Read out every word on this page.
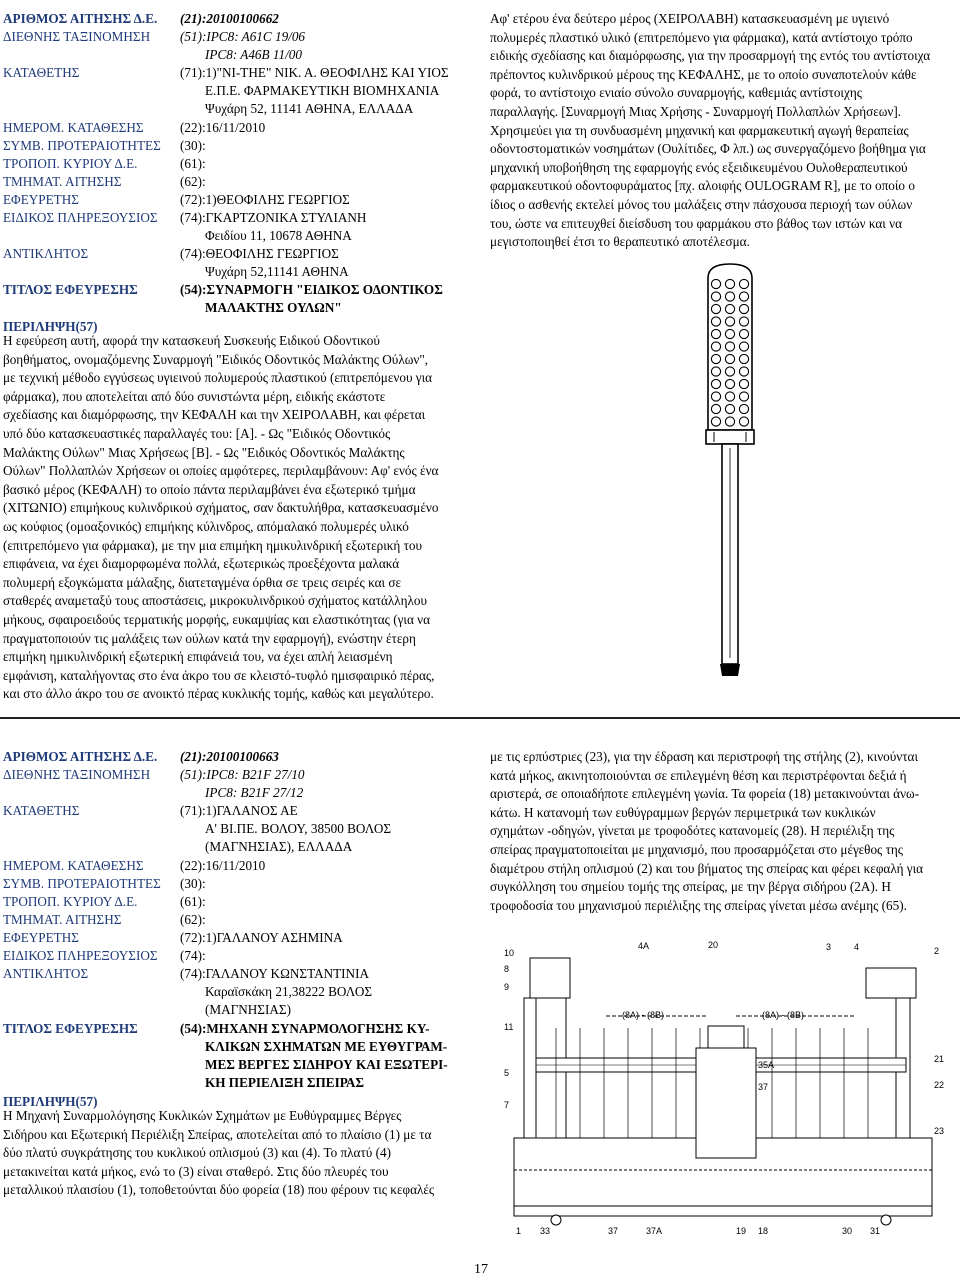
ΑΡΙΘΜΟΣ ΑΙΤΗΣΗΣ Δ.Ε. (21):20100100662
ΔΙΕΘΝΗΣ ΤΑΞΙΝΟΜΗΣΗ (51):IPC8: A61C 19/06
IPC8: A46B 11/00
ΚΑΤΑΘΕΤΗΣ	(71):1)"NI-THE" ΝΙΚ. Α. ΘΕΟΦΙΛΗΣ ΚΑΙ ΥΙΟΣ
Ε.Π.Ε. ΦΑΡΜΑΚΕΥΤΙΚΗ ΒΙΟΜΗΧΑΝΙΑ
Ψυχάρη 52, 11141 ΑΘΗΝΑ, ΕΛΛΑΔΑ
ΗΜΕΡΟΜ. ΚΑΤΑΘΕΣΗΣ	(22):16/11/2010
ΣΥΜΒ. ΠΡΟΤΕΡΑΙΟΤΗΤΕΣ (30):
ΤΡΟΠΟΠ. ΚΥΡΙΟΥ Δ.Ε.	(61):
ΤΜΗΜΑΤ. ΑΙΤΗΣΗΣ	(62):
ΕΦΕΥΡΕΤΗΣ	(72):1)ΘΕΟΦΙΛΗΣ ΓΕΩΡΓΙΟΣ
ΕΙΔΙΚΟΣ ΠΛΗΡΕΞΟΥΣΙΟΣ (74):ΓΚΑΡΤΖΟΝΙΚΑ ΣΤΥΛΙΑΝΗ
Φειδίου 11, 10678 ΑΘΗΝΑ
ΑΝΤΙΚΛΗΤΟΣ	(74):ΘΕΟΦΙΛΗΣ ΓΕΩΡΓΙΟΣ
Ψυχάρη 52,11141 ΑΘΗΝΑ
ΤΙΤΛΟΣ ΕΦΕΥΡΕΣΗΣ	(54):ΣΥΝΑΡΜΟΓΗ "ΕΙΔΙΚΟΣ ΟΔΟΝΤΙΚΟΣ
ΜΑΛΑΚΤΗΣ ΟΥΛΩΝ"
ΠΕΡΙΛΗΨΗ(57)
Η εφεύρεση αυτή, αφορά την κατασκευή Συσκευής Ειδικού Οδοντικού
βοηθήματος, ονομαζόμενης Συναρμογή "Ειδικός Οδοντικός Μαλάκτης Ούλων",
με τεχνική μέθοδο εγγύσεως υγιεινού πολυμερούς πλαστικού (επιτρεπόμενου για
φάρμακα), που αποτελείται από δύο συνιστώντα μέρη, ειδικής εκάστοτε
σχεδίασης και διαμόρφωσης, την ΚΕΦΑΛΗ και την ΧΕΙΡΟΛΑΒΗ, και φέρεται
υπό δύο κατασκευαστικές παραλλαγές του: [Α]. - Ως "Ειδικός Οδοντικός
Μαλάκτης Ούλων" Μιας Χρήσεως [Β]. - Ως "Ειδικός Οδοντικός Μαλάκτης
Ούλων" Πολλαπλών Χρήσεων οι οποίες αμφότερες, περιλαμβάνουν: Αφ' ενός ένα
βασικό μέρος (ΚΕΦΑΛΗ) το οποίο πάντα περιλαμβάνει ένα εξωτερικό τμήμα
(ΧΙΤΩΝΙΟ) επιμήκους κυλινδρικού σχήματος, σαν δακτυλήθρα, κατασκευασμένο
ως κούφιος (ομοαξονικός) επιμήκης κύλινδρος, απόμαλακό πολυμερές υλικό
(επιτρεπόμενο για φάρμακα), με την μια επιμήκη ημικυλινδρική εξωτερική του
επιφάνεια, να έχει διαμορφωμένα πολλά, εξωτερικώς προεξέχοντα μαλακά
πολυμερή εξογκώματα μάλαξης, διατεταγμένα όρθια σε τρεις σειρές και σε
σταθερές αναμεταξύ τους αποστάσεις, μικροκυλινδρικού σχήματος κατάλληλου
μήκους, σφαιροειδούς τερματικής μορφής, ευκαμψίας και ελαστικότητας (για να
πραγματοποιούν τις μαλάξεις των ούλων κατά την εφαρμογή), ενώστην έτερη
επιμήκη ημικυλινδρική εξωτερική επιφάνειά του, να έχει απλή λειασμένη
εμφάνιση, καταλήγοντας στο ένα άκρο του σε κλειστό-τυφλό ημισφαιρικό πέρας,
και στο άλλο άκρο του σε ανοικτό πέρας κυκλικής τομής, καθώς και μεγαλύτερο.
Αφ' ετέρου ένα δεύτερο μέρος (ΧΕΙΡΟΛΑΒΗ) κατασκευασμένη με υγιεινό
πολυμερές πλαστικό υλικό (επιτρεπόμενο για φάρμακα), κατά αντίστοιχο τρόπο
ειδικής σχεδίασης και διαμόρφωσης, για την προσαρμογή της εντός του αντίστοιχα
πρέποντος κυλινδρικού μέρους της ΚΕΦΑΛΗΣ, με το οποίο συναποτελούν κάθε
φορά, το αντίστοιχο ενιαίο σύνολο συναρμογής, καθεμιάς αντίστοιχης
παραλλαγής. [Συναρμογή Μιας Χρήσης - Συναρμογή Πολλαπλών Χρήσεων].
Χρησιμεύει για τη συνδυασμένη μηχανική και φαρμακευτική αγωγή θεραπείας
οδοντοστοματικών νοσημάτων (Ουλίτιδες, Φ λπ.) ως συνεργαζόμενο βοήθημα για
μηχανική υποβοήθηση της εφαρμογής ενός εξειδικευμένου Ουλοθεραπευτικού
φαρμακευτικού οδοντοφυράματος [πχ. αλοιφής OULOGRAM R], με το οποίο ο
ίδιος ο ασθενής εκτελεί μόνος του μαλάξεις στην πάσχουσα περιοχή των ούλων
του, ώστε να επιτευχθεί διείσδυση του φαρμάκου στο βάθος των ιστών και να
μεγιστοποιηθεί έτσι το θεραπευτικό αποτέλεσμα.
ΑΡΙΘΜΟΣ ΑΙΤΗΣΗΣ Δ.Ε. (21):20100100663
ΔΙΕΘΝΗΣ ΤΑΞΙΝΟΜΗΣΗ (51):IPC8: B21F 27/10
IPC8: B21F 27/12
ΚΑΤΑΘΕΤΗΣ	(71):1)ΓΑΛΑΝΟΣ ΑΕ
Α' ΒΙ.ΠΕ. ΒΟΛΟΥ, 38500 ΒΟΛΟΣ
(ΜΑΓΝΗΣΙΑΣ), ΕΛΛΑΔΑ
ΗΜΕΡΟΜ. ΚΑΤΑΘΕΣΗΣ	(22):16/11/2010
ΣΥΜΒ. ΠΡΟΤΕΡΑΙΟΤΗΤΕΣ (30):
ΤΡΟΠΟΠ. ΚΥΡΙΟΥ Δ.Ε.	(61):
ΤΜΗΜΑΤ. ΑΙΤΗΣΗΣ	(62):
ΕΦΕΥΡΕΤΗΣ	(72):1)ΓΑΛΑΝΟΥ ΑΣΗΜΙΝΑ
ΕΙΔΙΚΟΣ ΠΛΗΡΕΞΟΥΣΙΟΣ (74):
ΑΝΤΙΚΛΗΤΟΣ	(74):ΓΑΛΑΝΟΥ ΚΩΝΣΤΑΝΤΙΝΙΑ
Καραϊσκάκη 21,38222 ΒΟΛΟΣ
(ΜΑΓΝΗΣΙΑΣ)
ΤΙΤΛΟΣ ΕΦΕΥΡΕΣΗΣ	(54):ΜΗΧΑΝΗ ΣΥΝΑΡΜΟΛΟΓΗΣΗΣ ΚΥ-
ΚΛΙΚΩΝ ΣΧΗΜΑΤΩΝ ΜΕ ΕΥΘΥΓΡΑΜ-
ΜΕΣ ΒΕΡΓΕΣ ΣΙΔΗΡΟΥ ΚΑΙ ΕΞΩΤΕΡΙ-
ΚΗ ΠΕΡΙΕΛΙΞΗ ΣΠΕΙΡΑΣ
ΠΕΡΙΛΗΨΗ(57)
Η Μηχανή Συναρμολόγησης Κυκλικών Σχημάτων με Ευθύγραμμες Βέργες
Σιδήρου και Εξωτερική Περιέλιξη Σπείρας, αποτελείται από το πλαίσιο (1) με τα
δύο πλατύ συγκράτησης του κυκλικού οπλισμού (3) και (4). Το πλατύ (4)
μετακινείται κατά μήκος, ενώ το (3) είναι σταθερό. Στις δύο πλευρές του
μεταλλικού πλαισίου (1), τοποθετούνται δύο φορεία (18) που φέρουν τις κεφαλές
με τις ερπύστριες (23), για την έδραση και περιστροφή της στήλης (2), κινούνται
κατά μήκος, ακινητοποιούνται σε επιλεγμένη θέση και περιστρέφονται δεξιά ή
αριστερά, σε οποιαδήποτε επιλεγμένη γωνία. Τα φορεία (18) μετακινούνται άνω-
κάτω. Η κατανομή των ευθύγραμμων βεργών περιμετρικά των κυκλικών
σχημάτων -οδηγών, γίνεται με τροφοδότες κατανομείς (28). Η περιέλιξη της
σπείρας πραγματοποιείται με μηχανισμό, που προσαρμόζεται στο μέγεθος της
διαμέτρου στήλη οπλισμού (2) και του βήματος της σπείρας και φέρει κεφαλή για
συγκόλληση του σημείου τομής της σπείρας, με την βέργα σιδήρου (2Α). Η
τροφοδοσία του μηχανισμού περιέλιξης της σπείρας γίνεται μέσω ανέμης (65).
10
8
9
11
5
7
4Α	20	3	4	2
35Α
21
22
23
37
1 33	37	37Α	19 18	30 31
(8Α) - (8Β)	(8Α) - (8Β)
17
